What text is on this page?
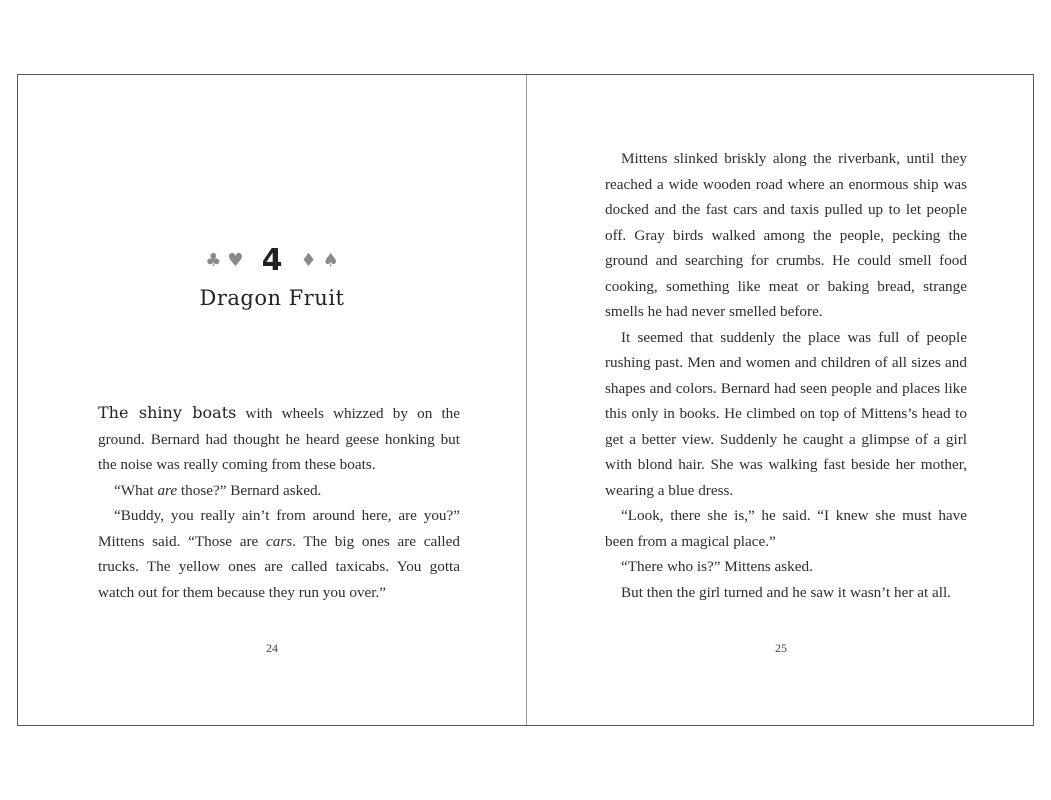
♣ ♥ 4 ♦ ♠
Dragon Fruit

The shiny boats with wheels whizzed by on the ground. Bernard had thought he heard geese honking but the noise was really coming from these boats.

“What are those?” Bernard asked.

“Buddy, you really ain’t from around here, are you?” Mittens said. “Those are cars. The big ones are called trucks. The yellow ones are called taxicabs. You gotta watch out for them because they run you over.”

24

Mittens slinked briskly along the riverbank, until they reached a wide wooden road where an enormous ship was docked and the fast cars and taxis pulled up to let people off. Gray birds walked among the people, pecking the ground and searching for crumbs. He could smell food cooking, something like meat or baking bread, strange smells he had never smelled before.

It seemed that suddenly the place was full of people rushing past. Men and women and children of all sizes and shapes and colors. Bernard had seen people and places like this only in books. He climbed on top of Mittens’s head to get a better view. Suddenly he caught a glimpse of a girl with blond hair. She was walking fast beside her mother, wearing a blue dress.

“Look, there she is,” he said. “I knew she must have been from a magical place.”

“There who is?” Mittens asked.

But then the girl turned and he saw it wasn’t her at all.

25
